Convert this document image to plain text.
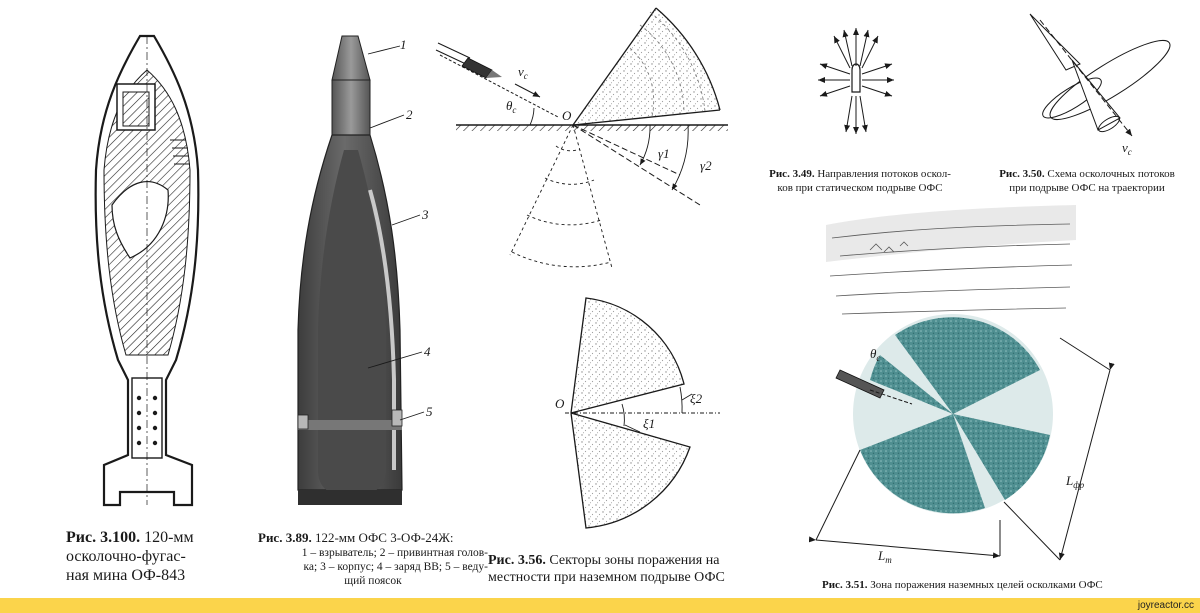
1
2
3
4
5
$v_c$
$\theta_c$	O
γ1
γ2
O
ξ1
ξ2
$v_c$
$\theta_c$
$L_{фр}$
$L_т$
Рис. 3.100. 120-мм
осколочно-фугас-
ная мина ОФ-843
Рис. 3.89. 122-мм ОФС 3-ОФ-24Ж:
1 – взрыватель; 2 – привинтная голов-
ка; 3 – корпус; 4 – заряд ВВ; 5 – веду-
щий поясок
Рис. 3.56. Секторы зоны поражения на
местности при наземном подрыве ОФС
Рис. 3.49. Направления потоков оскол-
ков при статическом подрыве ОФС
Рис. 3.50. Схема осколочных потоков
при подрыве ОФС на траектории
Рис. 3.51. Зона поражения наземных целей осколками ОФС
joyreactor.cc
